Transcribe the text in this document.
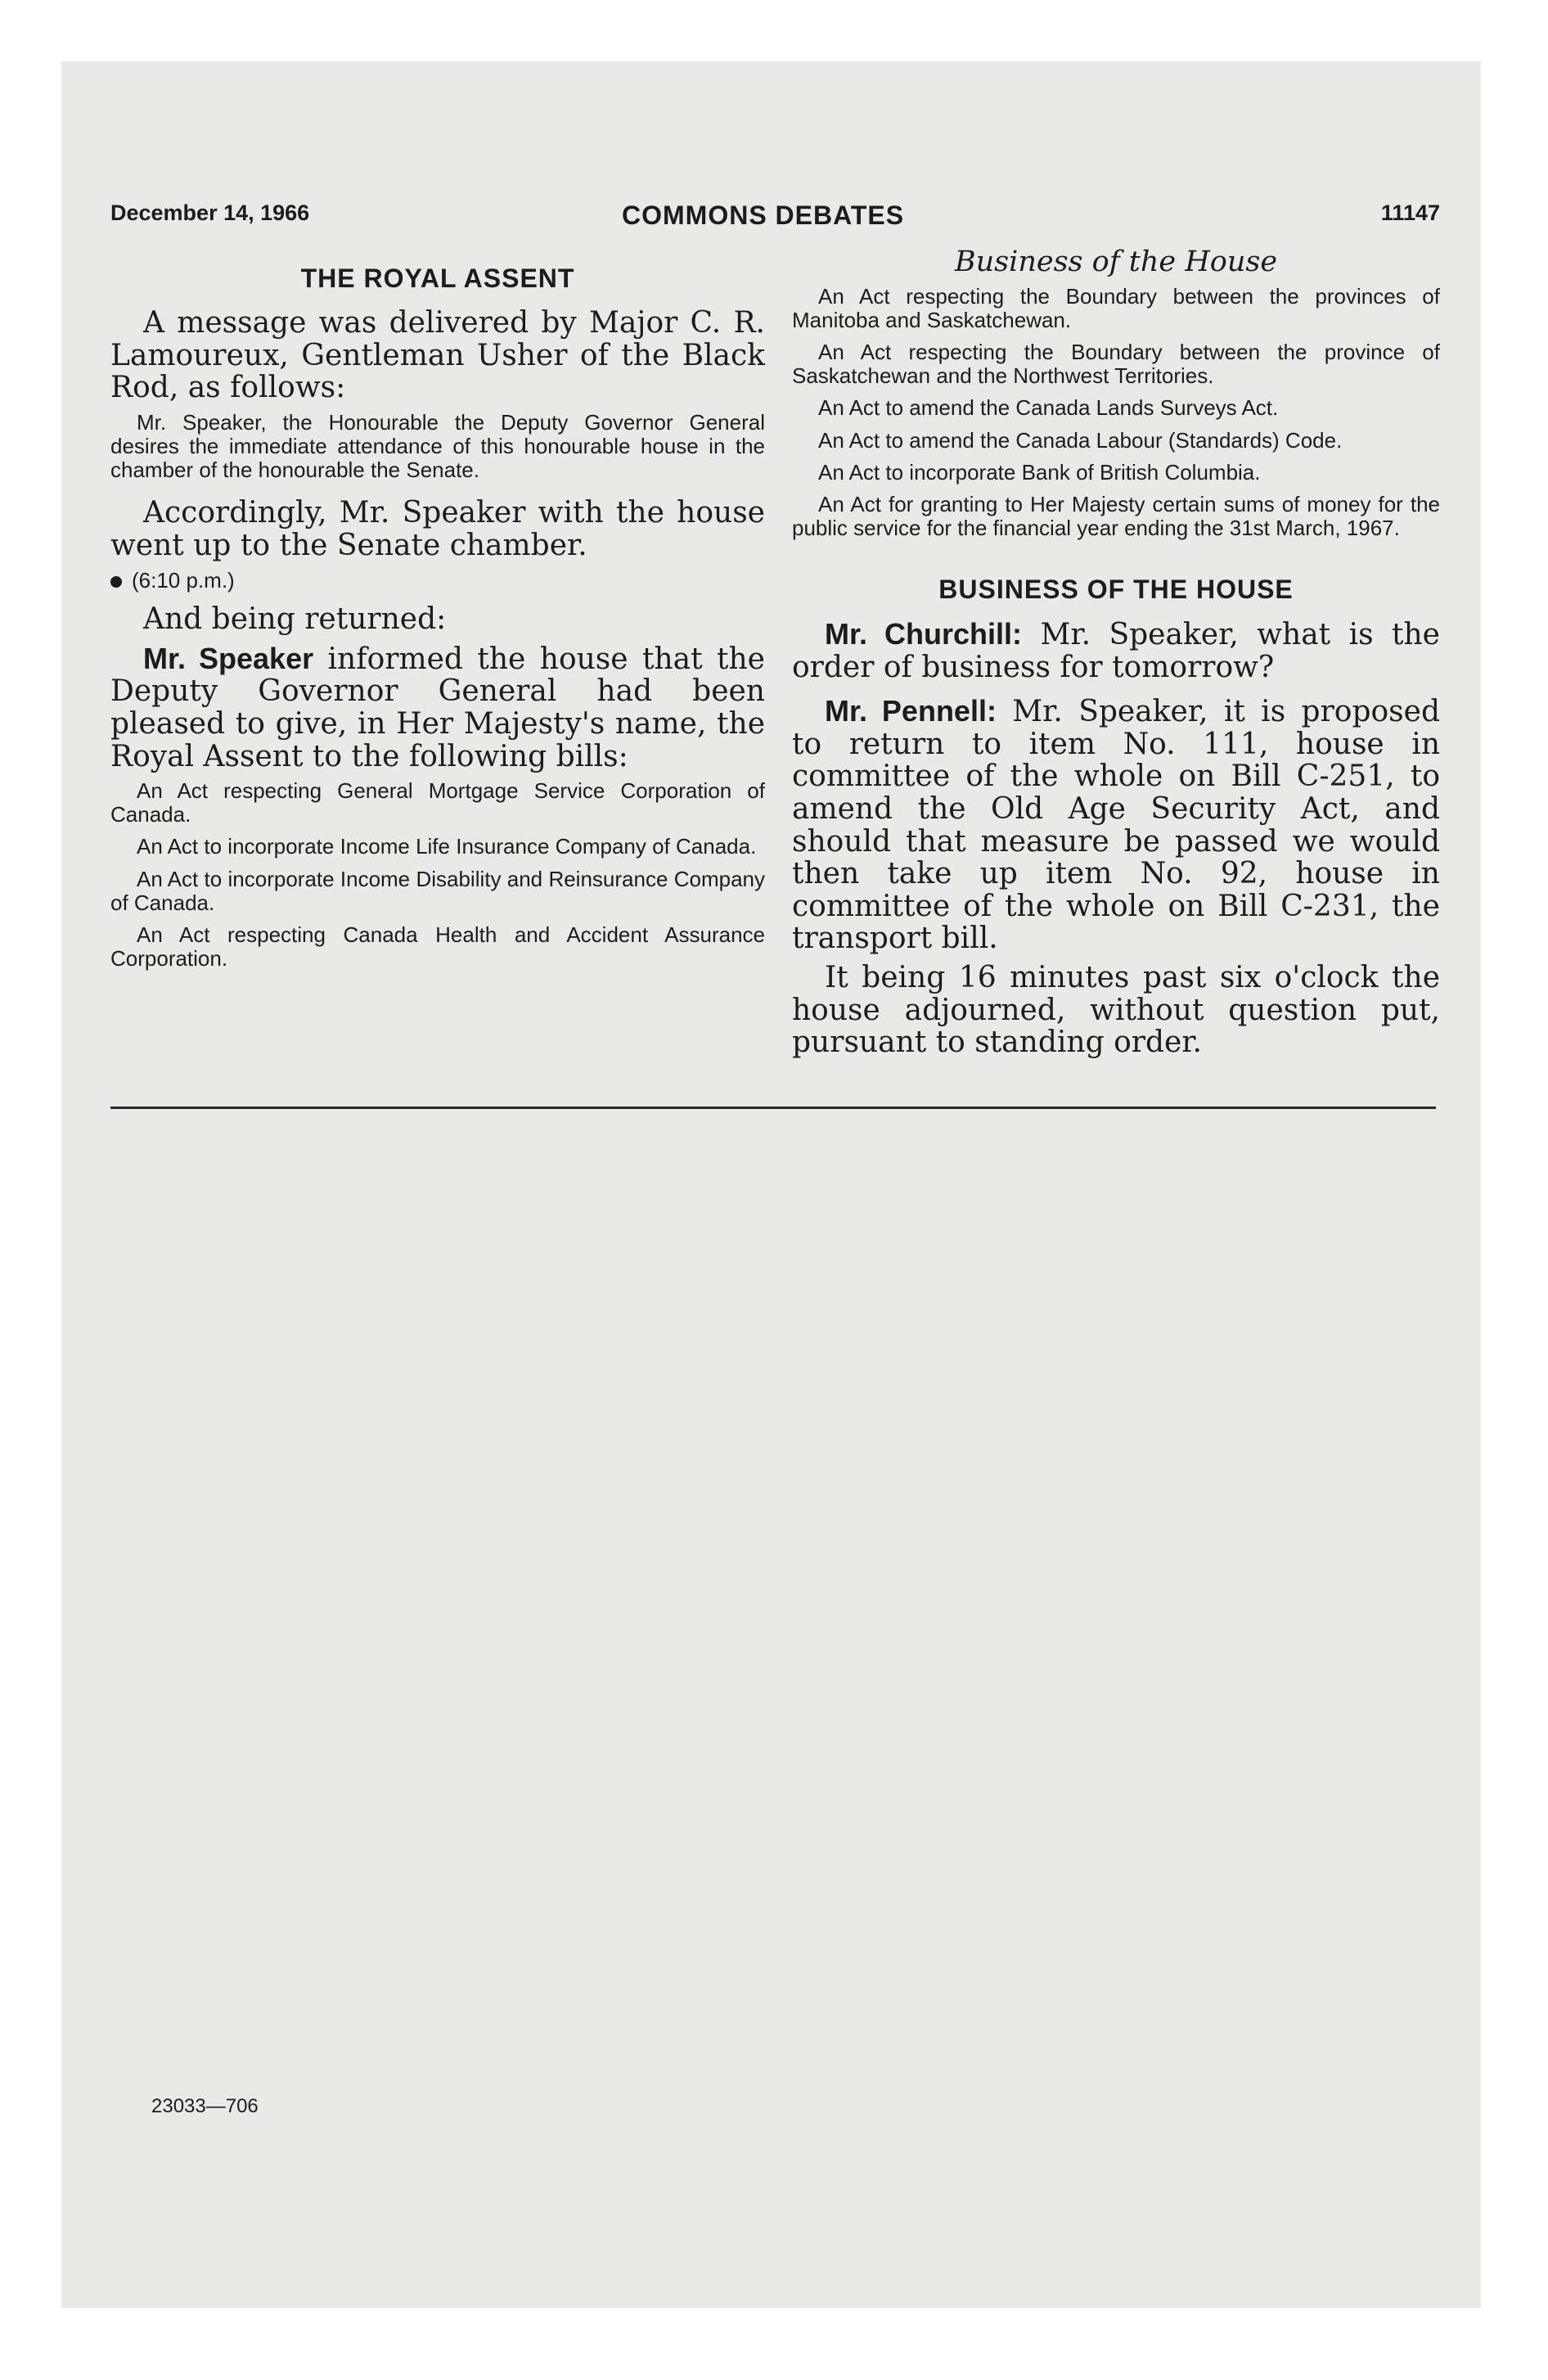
December 14, 1966	COMMONS DEBATES	11147
THE ROYAL ASSENT

A message was delivered by Major C. R. Lamoureux, Gentleman Usher of the Black Rod, as follows:

Mr. Speaker, the Honourable the Deputy Governor General desires the immediate attendance of this honourable house in the chamber of the honourable the Senate.

Accordingly, Mr. Speaker with the house went up to the Senate chamber.

(6:10 p.m.)

And being returned:

Mr. Speaker informed the house that the Deputy Governor General had been pleased to give, in Her Majesty's name, the Royal Assent to the following bills:

An Act respecting General Mortgage Service Corporation of Canada.

An Act to incorporate Income Life Insurance Company of Canada.

An Act to incorporate Income Disability and Reinsurance Company of Canada.

An Act respecting Canada Health and Accident Assurance Corporation.

Business of the House

An Act respecting the Boundary between the provinces of Manitoba and Saskatchewan.

An Act respecting the Boundary between the province of Saskatchewan and the Northwest Territories.

An Act to amend the Canada Lands Surveys Act.

An Act to amend the Canada Labour (Standards) Code.

An Act to incorporate Bank of British Columbia.

An Act for granting to Her Majesty certain sums of money for the public service for the financial year ending the 31st March, 1967.

BUSINESS OF THE HOUSE

Mr. Churchill: Mr. Speaker, what is the order of business for tomorrow?

Mr. Pennell: Mr. Speaker, it is proposed to return to item No. 111, house in committee of the whole on Bill C-251, to amend the Old Age Security Act, and should that measure be passed we would then take up item No. 92, house in committee of the whole on Bill C-231, the transport bill.

It being 16 minutes past six o'clock the house adjourned, without question put, pursuant to standing order.

23033—706
